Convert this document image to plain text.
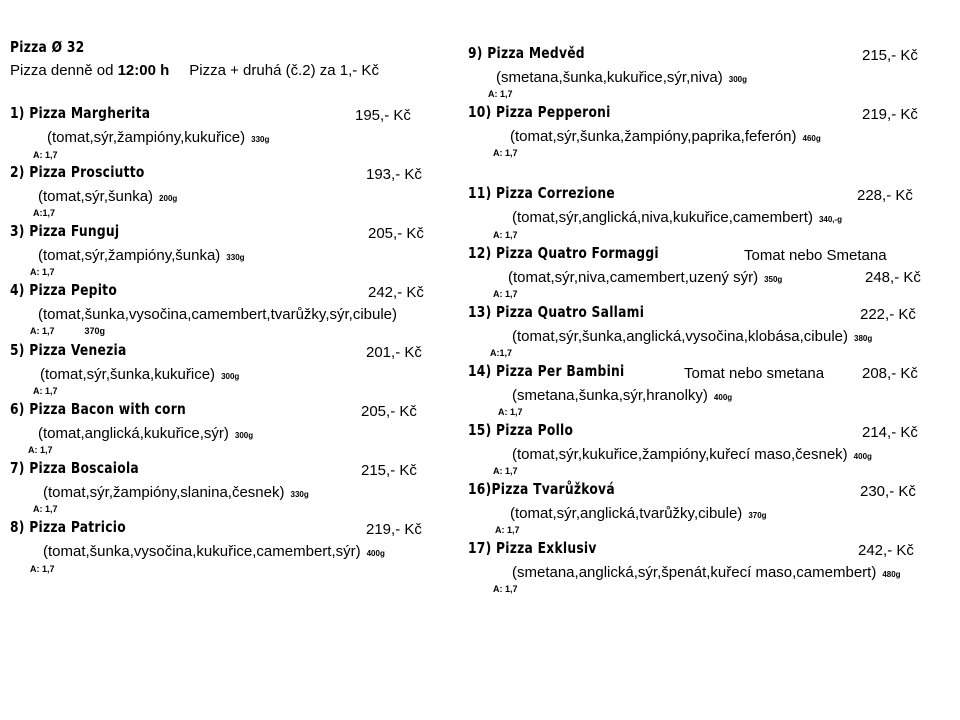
Pizza Ø 32
Pizza denně od 12:00 h Pizza + druhá (č.2) za 1,- Kč
1) Pizza Margherita	195,- Kč
(tomat,sýr,žampióny,kukuřice) 330g
A: 1,7
2) Pizza Prosciutto	193,- Kč
(tomat,sýr,šunka) 200g
A:1,7
3) Pizza Funguj	205,- Kč
(tomat,sýr,žampióny,šunka) 330g
A: 1,7
4) Pizza Pepito	242,- Kč
(tomat,šunka,vysočina,camembert,tvarůžky,sýr,cibule)
A: 1,7	370g
5) Pizza Venezia	201,- Kč
(tomat,sýr,šunka,kukuřice) 300g
A: 1,7
6) Pizza Bacon with corn	205,- Kč
(tomat,anglická,kukuřice,sýr) 300g
A: 1,7
7) Pizza Boscaiola	215,- Kč
(tomat,sýr,žampióny,slanina,česnek) 330g
A: 1,7
8) Pizza Patricio	219,- Kč
(tomat,šunka,vysočina,kukuřice,camembert,sýr) 400g
A: 1,7
9) Pizza Medvěd	215,- Kč
(smetana,šunka,kukuřice,sýr,niva) 300g
A: 1,7
10) Pizza Pepperoni	219,- Kč
(tomat,sýr,šunka,žampióny,paprika,feferón) 460g
A: 1,7
11) Pizza Correzione	228,- Kč
(tomat,sýr,anglická,niva,kukuřice,camembert) 340,-g
A: 1,7
12) Pizza Quatro Formaggi	Tomat nebo Smetana
(tomat,sýr,niva,camembert,uzený sýr) 350g	248,- Kč
A: 1,7
13) Pizza Quatro Sallami	222,- Kč
(tomat,sýr,šunka,anglická,vysočina,klobása,cibule) 380g
A:1,7
14) Pizza Per Bambini	Tomat nebo smetana	208,- Kč
(smetana,šunka,sýr,hranolky) 400g
A: 1,7
15) Pizza Pollo	214,- Kč
(tomat,sýr,kukuřice,žampióny,kuřecí maso,česnek) 400g
A: 1,7
16)Pizza Tvarůžková	230,- Kč
(tomat,sýr,anglická,tvarůžky,cibule) 370g
A: 1,7
17) Pizza Exklusiv	242,- Kč
(smetana,anglická,sýr,špenát,kuřecí maso,camembert) 480g
A: 1,7
